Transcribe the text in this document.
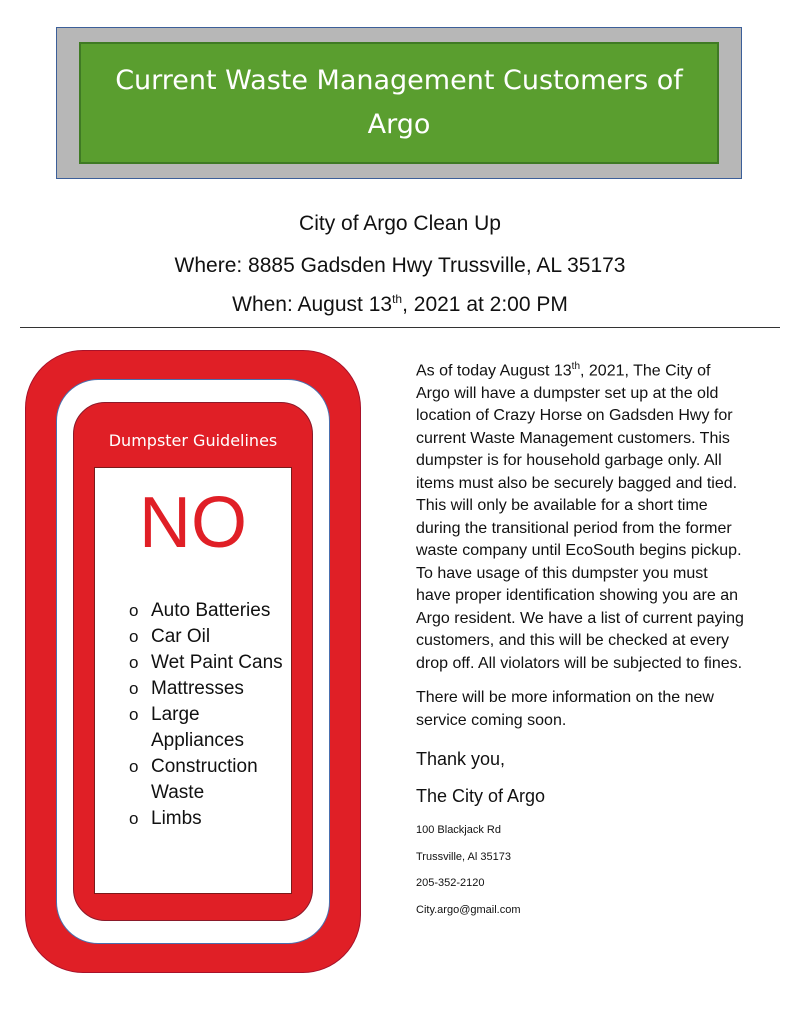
Current Waste Management Customers of Argo
City of Argo Clean Up
Where: 8885 Gadsden Hwy Trussville, AL 35173
When: August 13th, 2021 at 2:00 PM
Dumpster Guidelines
NO
o Auto Batteries
o Car Oil
o Wet Paint Cans
o Mattresses
o Large Appliances
o Construction Waste
o Limbs

As of today August 13th, 2021, The City of Argo will have a dumpster set up at the old location of Crazy Horse on Gadsden Hwy for current Waste Management customers. This dumpster is for household garbage only. All items must also be securely bagged and tied. This will only be available for a short time during the transitional period from the former waste company until EcoSouth begins pickup. To have usage of this dumpster you must have proper identification showing you are an Argo resident. We have a list of current paying customers, and this will be checked at every drop off. All violators will be subjected to fines.

There will be more information on the new service coming soon.

Thank you,

The City of Argo

100 Blackjack Rd

Trussville, Al 35173

205-352-2120

City.argo@gmail.com
